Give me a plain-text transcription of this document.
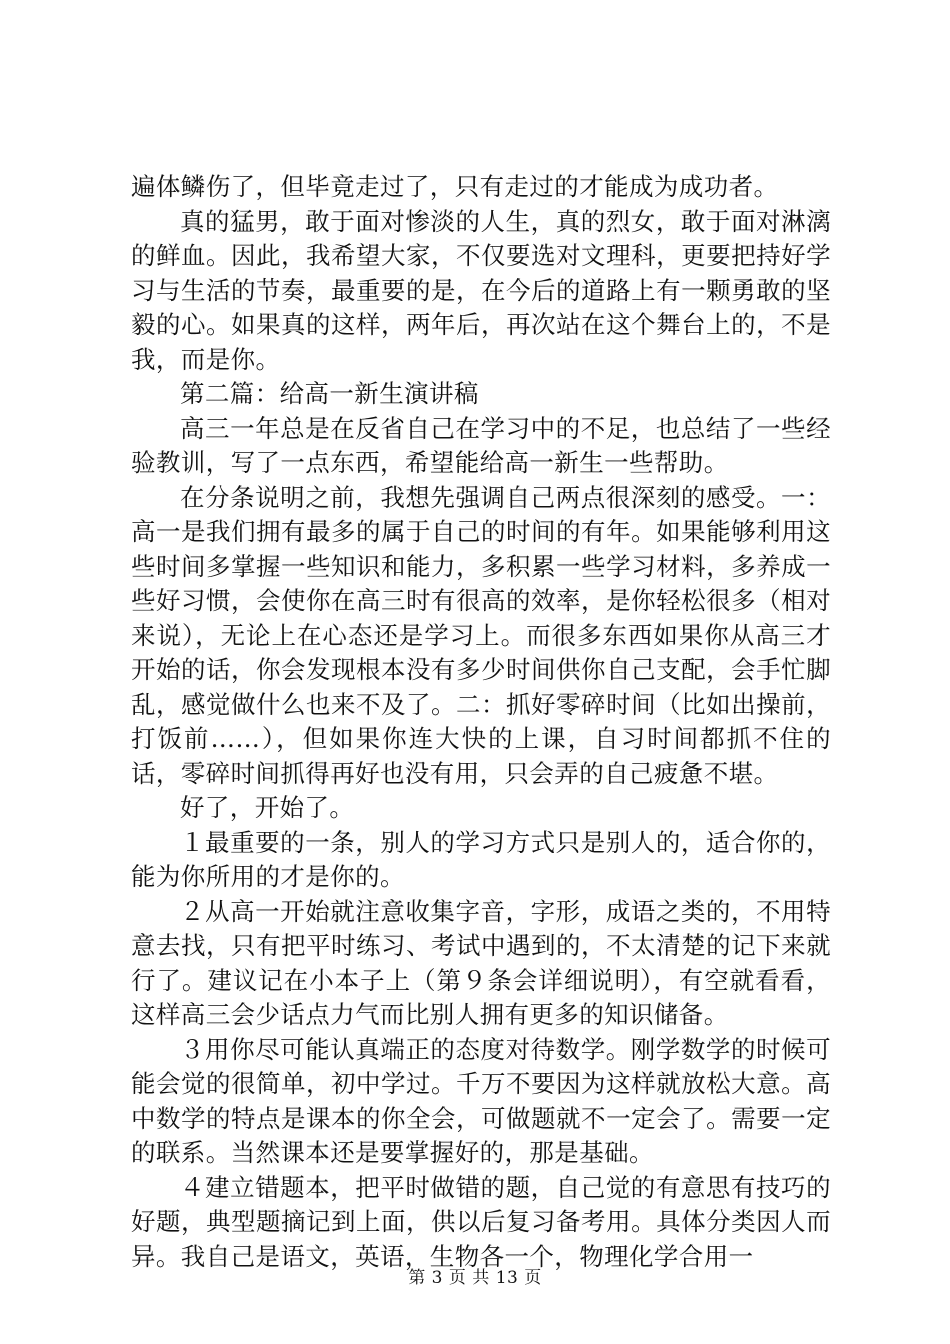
遍体鳞伤了，但毕竟走过了，只有走过的才能成为成功者。

真的猛男，敢于面对惨淡的人生，真的烈女，敢于面对淋漓的鲜血。因此，我希望大家，不仅要选对文理科，更要把持好学习与生活的节奏，最重要的是，在今后的道路上有一颗勇敢的坚毅的心。如果真的这样，两年后，再次站在这个舞台上的，不是我，而是你。

第二篇：给高一新生演讲稿

高三一年总是在反省自己在学习中的不足，也总结了一些经验教训，写了一点东西，希望能给高一新生一些帮助。

在分条说明之前，我想先强调自己两点很深刻的感受。一：高一是我们拥有最多的属于自己的时间的有年。如果能够利用这些时间多掌握一些知识和能力，多积累一些学习材料，多养成一些好习惯，会使你在高三时有很高的效率，是你轻松很多（相对来说），无论上在心态还是学习上。而很多东西如果你从高三才开始的话，你会发现根本没有多少时间供你自己支配，会手忙脚乱，感觉做什么也来不及了。二：抓好零碎时间（比如出操前，打饭前……），但如果你连大快的上课，自习时间都抓不住的话，零碎时间抓得再好也没有用，只会弄的自己疲惫不堪。

好了，开始了。

１最重要的一条，别人的学习方式只是别人的，适合你的，能为你所用的才是你的。

２从高一开始就注意收集字音，字形，成语之类的，不用特意去找，只有把平时练习、考试中遇到的，不太清楚的记下来就行了。建议记在小本子上（第９条会详细说明），有空就看看，这样高三会少话点力气而比别人拥有更多的知识储备。

３用你尽可能认真端正的态度对待数学。刚学数学的时候可能会觉的很简单，初中学过。千万不要因为这样就放松大意。高中数学的特点是课本的你全会，可做题就不一定会了。需要一定的联系。当然课本还是要掌握好的，那是基础。

４建立错题本，把平时做错的题，自己觉的有意思有技巧的好题，典型题摘记到上面，供以后复习备考用。具体分类因人而异。我自己是语文，英语，生物各一个，物理化学合用一

第 3 页 共 13 页
